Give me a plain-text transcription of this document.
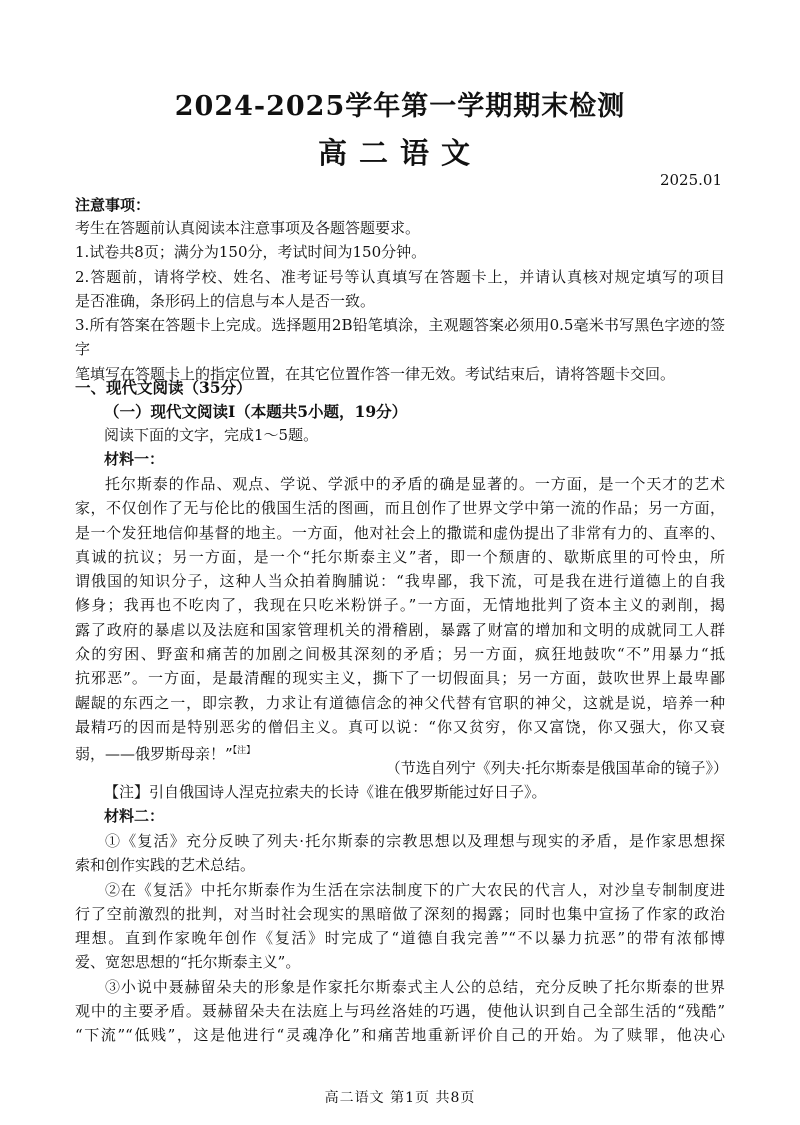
2024-2025学年第一学期期末检测
高二语文
2025.01
注意事项：

考生在答题前认真阅读本注意事项及各题答题要求。

1.试卷共8页；满分为150分，考试时间为150分钟。

2.答题前，请将学校、姓名、准考证号等认真填写在答题卡上，并请认真核对规定填写的项目

是否准确，条形码上的信息与本人是否一致。

3.所有答案在答题卡上完成。选择题用2B铅笔填涂，主观题答案必须用0.5毫米书写黑色字迹的签字

笔填写在答题卡上的指定位置，在其它位置作答一律无效。考试结束后，请将答题卡交回。

一、现代文阅读（35分）
（一）现代文阅读Ⅰ（本题共5小题，19分）
阅读下面的文字，完成1～5题。
材料一：

托尔斯泰的作品、观点、学说、学派中的矛盾的确是显著的。一方面，是一个天才的艺术

家，不仅创作了无与伦比的俄国生活的图画，而且创作了世界文学中第一流的作品；另一方面，

是一个发狂地信仰基督的地主。一方面，他对社会上的撒谎和虚伪提出了非常有力的、直率的、

真诚的抗议；另一方面，是一个“托尔斯泰主义”者，即一个颓唐的、歇斯底里的可怜虫，所

谓俄国的知识分子，这种人当众拍着胸脯说：“我卑鄙，我下流，可是我在进行道德上的自我

修身；我再也不吃肉了，我现在只吃米粉饼子。”一方面，无情地批判了资本主义的剥削，揭

露了政府的暴虐以及法庭和国家管理机关的滑稽剧，暴露了财富的增加和文明的成就同工人群

众的穷困、野蛮和痛苦的加剧之间极其深刻的矛盾；另一方面，疯狂地鼓吹“不”用暴力“抵

抗邪恶”。一方面，是最清醒的现实主义，撕下了一切假面具；另一方面，鼓吹世界上最卑鄙

龌龊的东西之一，即宗教，力求让有道德信念的神父代替有官职的神父，这就是说，培养一种

最精巧的因而是特别恶劣的僧侣主义。真可以说：“你又贫穷，你又富饶，你又强大，你又衰

弱，——俄罗斯母亲！”$^{【注】}$

（节选自列宁《列夫·托尔斯泰是俄国革命的镜子》）
【注】引自俄国诗人涅克拉索夫的长诗《谁在俄罗斯能过好日子》。
材料二：

①《复活》充分反映了列夫·托尔斯泰的宗教思想以及理想与现实的矛盾，是作家思想探

索和创作实践的艺术总结。

②在《复活》中托尔斯泰作为生活在宗法制度下的广大农民的代言人，对沙皇专制制度进

行了空前激烈的批判，对当时社会现实的黑暗做了深刻的揭露；同时也集中宣扬了作家的政治

理想。直到作家晚年创作《复活》时完成了“道德自我完善”“不以暴力抗恶”的带有浓郁博

爱、宽恕思想的“托尔斯泰主义”。

③小说中聂赫留朵夫的形象是作家托尔斯泰式主人公的总结，充分反映了托尔斯泰的世界

观中的主要矛盾。聂赫留朵夫在法庭上与玛丝洛娃的巧遇，使他认识到自己全部生活的“残酷”

“下流”“低贱”，这是他进行“灵魂净化”和痛苦地重新评价自己的开始。为了赎罪，他决心

高二语文 第1页 共8页
